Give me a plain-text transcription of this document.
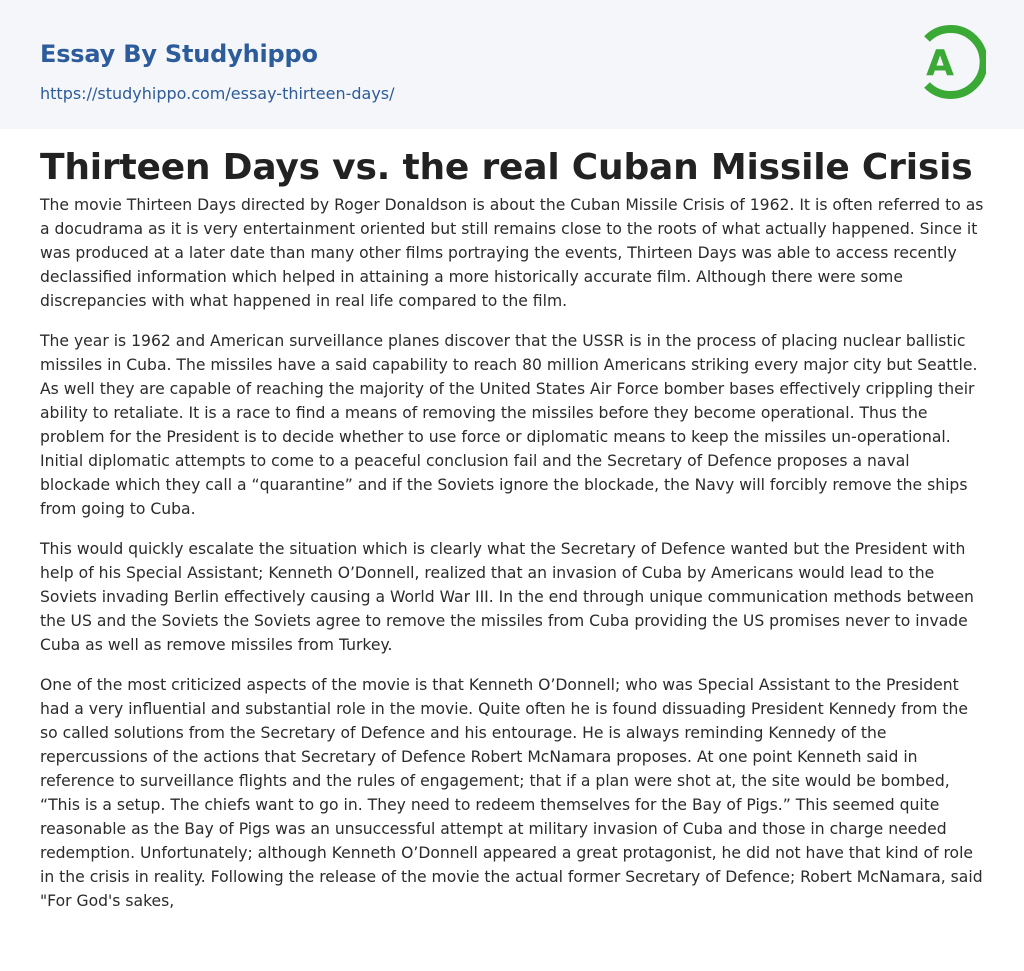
Essay By Studyhippo
https://studyhippo.com/essay-thirteen-days/
A
Thirteen Days vs. the real Cuban Missile Crisis

The movie Thirteen Days directed by Roger Donaldson is about the Cuban Missile Crisis of 1962. It is often referred to as a docudrama as it is very entertainment oriented but still remains close to the roots of what actually happened. Since it was produced at a later date than many other films portraying the events, Thirteen Days was able to access recently declassified information which helped in attaining a more historically accurate film. Although there were some discrepancies with what happened in real life compared to the film.

The year is 1962 and American surveillance planes discover that the USSR is in the process of placing nuclear ballistic missiles in Cuba. The missiles have a said capability to reach 80 million Americans striking every major city but Seattle. As well they are capable of reaching the majority of the United States Air Force bomber bases effectively crippling their ability to retaliate. It is a race to find a means of removing the missiles before they become operational. Thus the problem for the President is to decide whether to use force or diplomatic means to keep the missiles un-operational. Initial diplomatic attempts to come to a peaceful conclusion fail and the Secretary of Defence proposes a naval blockade which they call a “quarantine” and if the Soviets ignore the blockade, the Navy will forcibly remove the ships from going to Cuba.

This would quickly escalate the situation which is clearly what the Secretary of Defence wanted but the President with help of his Special Assistant; Kenneth O’Donnell, realized that an invasion of Cuba by Americans would lead to the Soviets invading Berlin effectively causing a World War III. In the end through unique communication methods between the US and the Soviets the Soviets agree to remove the missiles from Cuba providing the US promises never to invade Cuba as well as remove missiles from Turkey.

One of the most criticized aspects of the movie is that Kenneth O’Donnell; who was Special Assistant to the President had a very influential and substantial role in the movie. Quite often he is found dissuading President Kennedy from the so called solutions from the Secretary of Defence and his entourage. He is always reminding Kennedy of the repercussions of the actions that Secretary of Defence Robert McNamara proposes. At one point Kenneth said in reference to surveillance flights and the rules of engagement; that if a plan were shot at, the site would be bombed, “This is a setup. The chiefs want to go in. They need to redeem themselves for the Bay of Pigs.” This seemed quite reasonable as the Bay of Pigs was an unsuccessful attempt at military invasion of Cuba and those in charge needed redemption. Unfortunately; although Kenneth O’Donnell appeared a great protagonist, he did not have that kind of role in the crisis in reality. Following the release of the movie the actual former Secretary of Defence; Robert McNamara, said "For God's sakes,
